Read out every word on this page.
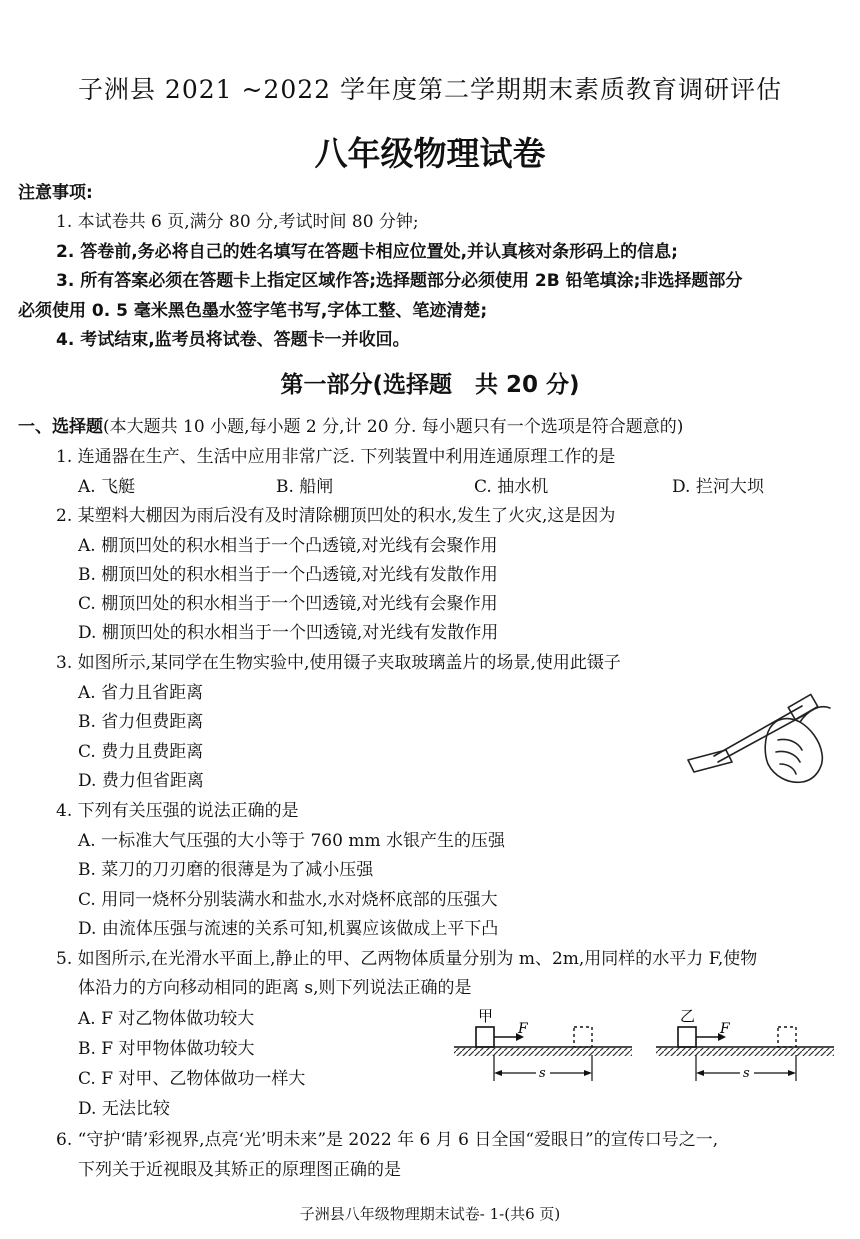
子洲县 2021 ~2022 学年度第二学期期末素质教育调研评估
八年级物理试卷
注意事项:
1. 本试卷共 6 页,满分 80 分,考试时间 80 分钟;
2. 答卷前,务必将自己的姓名填写在答题卡相应位置处,并认真核对条形码上的信息;
3. 所有答案必须在答题卡上指定区域作答;选择题部分必须使用 2B 铅笔填涂;非选择题部分
必须使用 0. 5 毫米黑色墨水签字笔书写,字体工整、笔迹清楚;
4. 考试结束,监考员将试卷、答题卡一并收回。
第一部分(选择题　共 20 分)
一、选择题(本大题共 10 小题,每小题 2 分,计 20 分. 每小题只有一个选项是符合题意的)
1. 连通器在生产、生活中应用非常广泛. 下列装置中利用连通原理工作的是
A. 飞艇	B. 船闸	C. 抽水机	D. 拦河大坝
2. 某塑料大棚因为雨后没有及时清除棚顶凹处的积水,发生了火灾,这是因为
A. 棚顶凹处的积水相当于一个凸透镜,对光线有会聚作用
B. 棚顶凹处的积水相当于一个凸透镜,对光线有发散作用
C. 棚顶凹处的积水相当于一个凹透镜,对光线有会聚作用
D. 棚顶凹处的积水相当于一个凹透镜,对光线有发散作用
3. 如图所示,某同学在生物实验中,使用镊子夹取玻璃盖片的场景,使用此镊子
A. 省力且省距离
B. 省力但费距离
C. 费力且费距离
D. 费力但省距离
4. 下列有关压强的说法正确的是
A. 一标准大气压强的大小等于 760 mm 水银产生的压强
B. 菜刀的刀刃磨的很薄是为了减小压强
C. 用同一烧杯分别装满水和盐水,水对烧杯底部的压强大
D. 由流体压强与流速的关系可知,机翼应该做成上平下凸
5. 如图所示,在光滑水平面上,静止的甲、乙两物体质量分别为 m、2m,用同样的水平力 F,使物
体沿力的方向移动相同的距离 s,则下列说法正确的是
A. F 对乙物体做功较大
B. F 对甲物体做功较大
C. F 对甲、乙物体做功一样大
D. 无法比较
甲
F
s
乙
F
s
6. “守护‘睛’彩视界,点亮‘光’明未来”是 2022 年 6 月 6 日全国“爱眼日”的宣传口号之一,
下列关于近视眼及其矫正的原理图正确的是
子洲县八年级物理期末试卷- 1-(共6 页)
